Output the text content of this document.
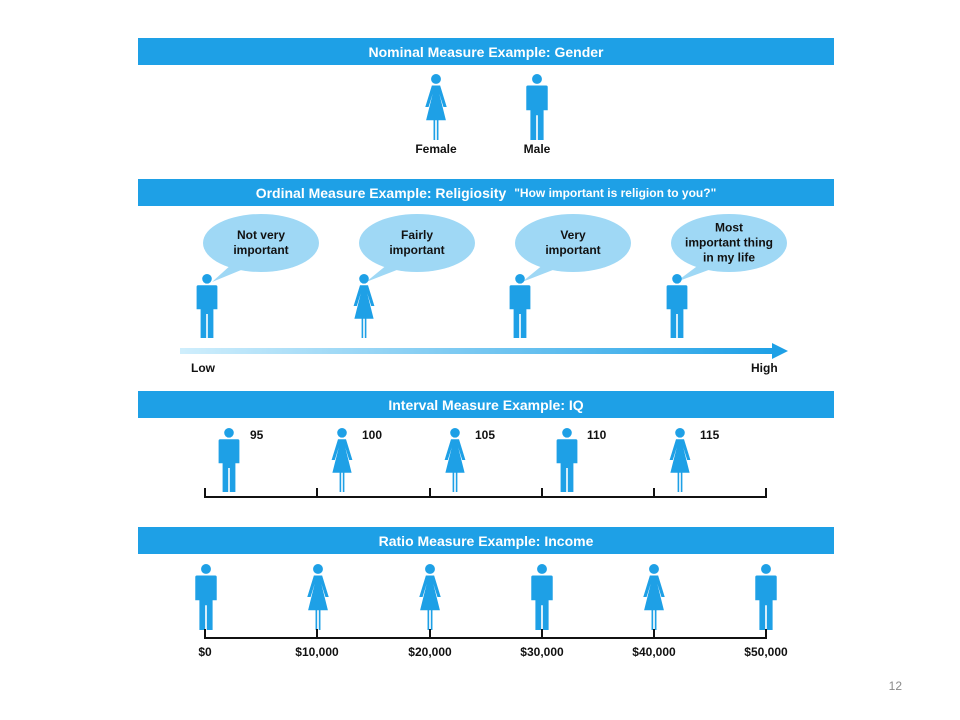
Nominal Measure Example: Gender
Female	Male
Ordinal Measure Example: Religiosity "How important is religion to you?"
Not very
important
Fairly
important
Very
important
Most
important thing
in my life
Low	High
Interval Measure Example: IQ
95	100	105	110	115
Ratio Measure Example: Income
$0	$10,000	$20,000	$30,000	$40,000	$50,000
12
